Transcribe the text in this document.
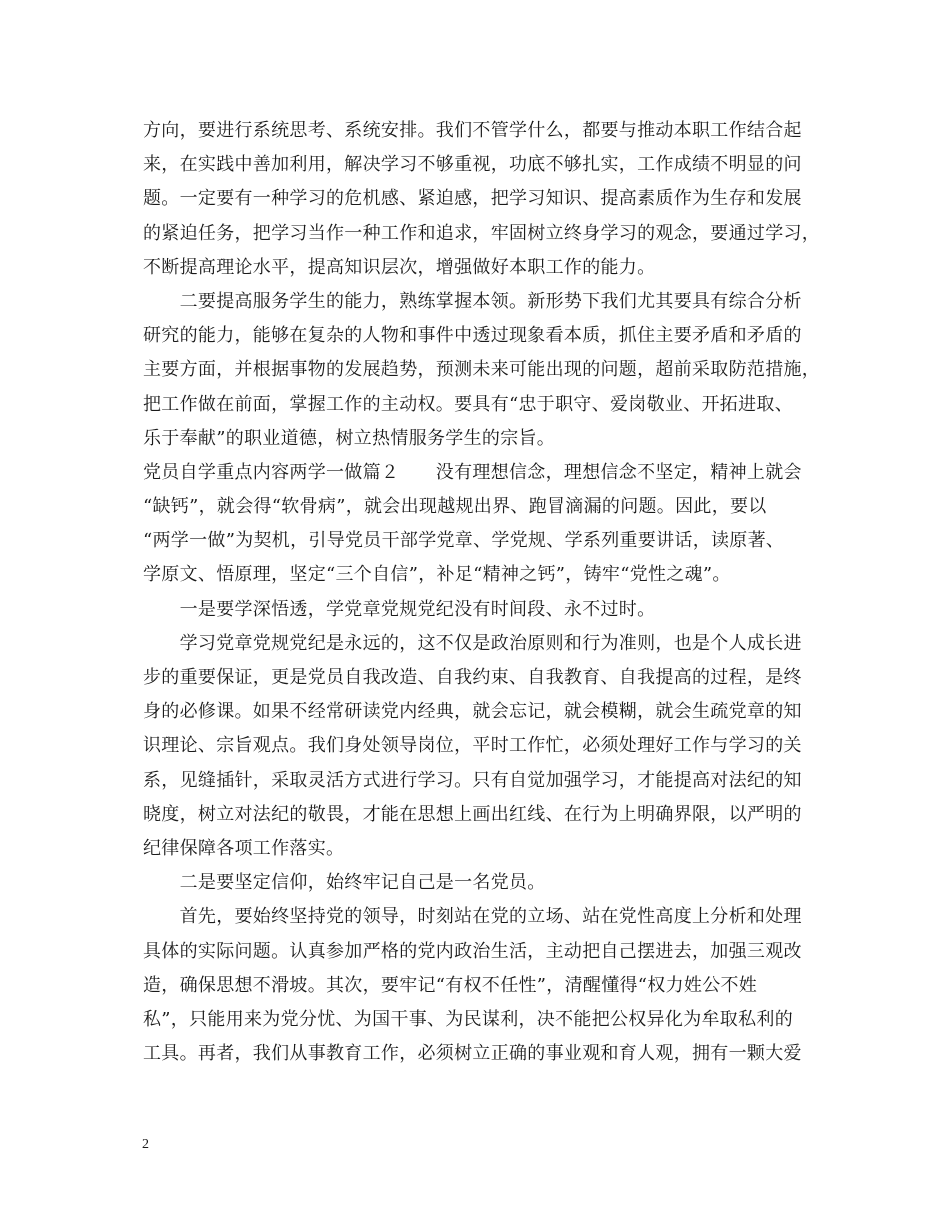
方向，要进行系统思考、系统安排。我们不管学什么，都要与推动本职工作结合起
来，在实践中善加利用，解决学习不够重视，功底不够扎实，工作成绩不明显的问
题。一定要有一种学习的危机感、紧迫感，把学习知识、提高素质作为生存和发展
的紧迫任务，把学习当作一种工作和追求，牢固树立终身学习的观念，要通过学习，
不断提高理论水平，提高知识层次，增强做好本职工作的能力。
　　二要提高服务学生的能力，熟练掌握本领。新形势下我们尤其要具有综合分析
研究的能力，能够在复杂的人物和事件中透过现象看本质，抓住主要矛盾和矛盾的
主要方面，并根据事物的发展趋势，预测未来可能出现的问题，超前采取防范措施，
把工作做在前面，掌握工作的主动权。要具有“忠于职守、爱岗敬业、开拓进取、
乐于奉献”的职业道德，树立热情服务学生的宗旨。
党员自学重点内容两学一做篇２　　没有理想信念，理想信念不坚定，精神上就会
“缺钙”，就会得“软骨病”，就会出现越规出界、跑冒滴漏的问题。因此，要以
“两学一做”为契机，引导党员干部学党章、学党规、学系列重要讲话，读原著、
学原文、悟原理，坚定“三个自信”，补足“精神之钙”，铸牢“党性之魂”。
　　一是要学深悟透，学党章党规党纪没有时间段、永不过时。
　　学习党章党规党纪是永远的，这不仅是政治原则和行为准则，也是个人成长进
步的重要保证，更是党员自我改造、自我约束、自我教育、自我提高的过程，是终
身的必修课。如果不经常研读党内经典，就会忘记，就会模糊，就会生疏党章的知
识理论、宗旨观点。我们身处领导岗位，平时工作忙，必须处理好工作与学习的关
系，见缝插针，采取灵活方式进行学习。只有自觉加强学习，才能提高对法纪的知
晓度，树立对法纪的敬畏，才能在思想上画出红线、在行为上明确界限，以严明的
纪律保障各项工作落实。
　　二是要坚定信仰，始终牢记自己是一名党员。
　　首先，要始终坚持党的领导，时刻站在党的立场、站在党性高度上分析和处理
具体的实际问题。认真参加严格的党内政治生活，主动把自己摆进去，加强三观改
造，确保思想不滑坡。其次，要牢记“有权不任性”，清醒懂得“权力姓公不姓
私”，只能用来为党分忧、为国干事、为民谋利，决不能把公权异化为牟取私利的
工具。再者，我们从事教育工作，必须树立正确的事业观和育人观，拥有一颗大爱
2
